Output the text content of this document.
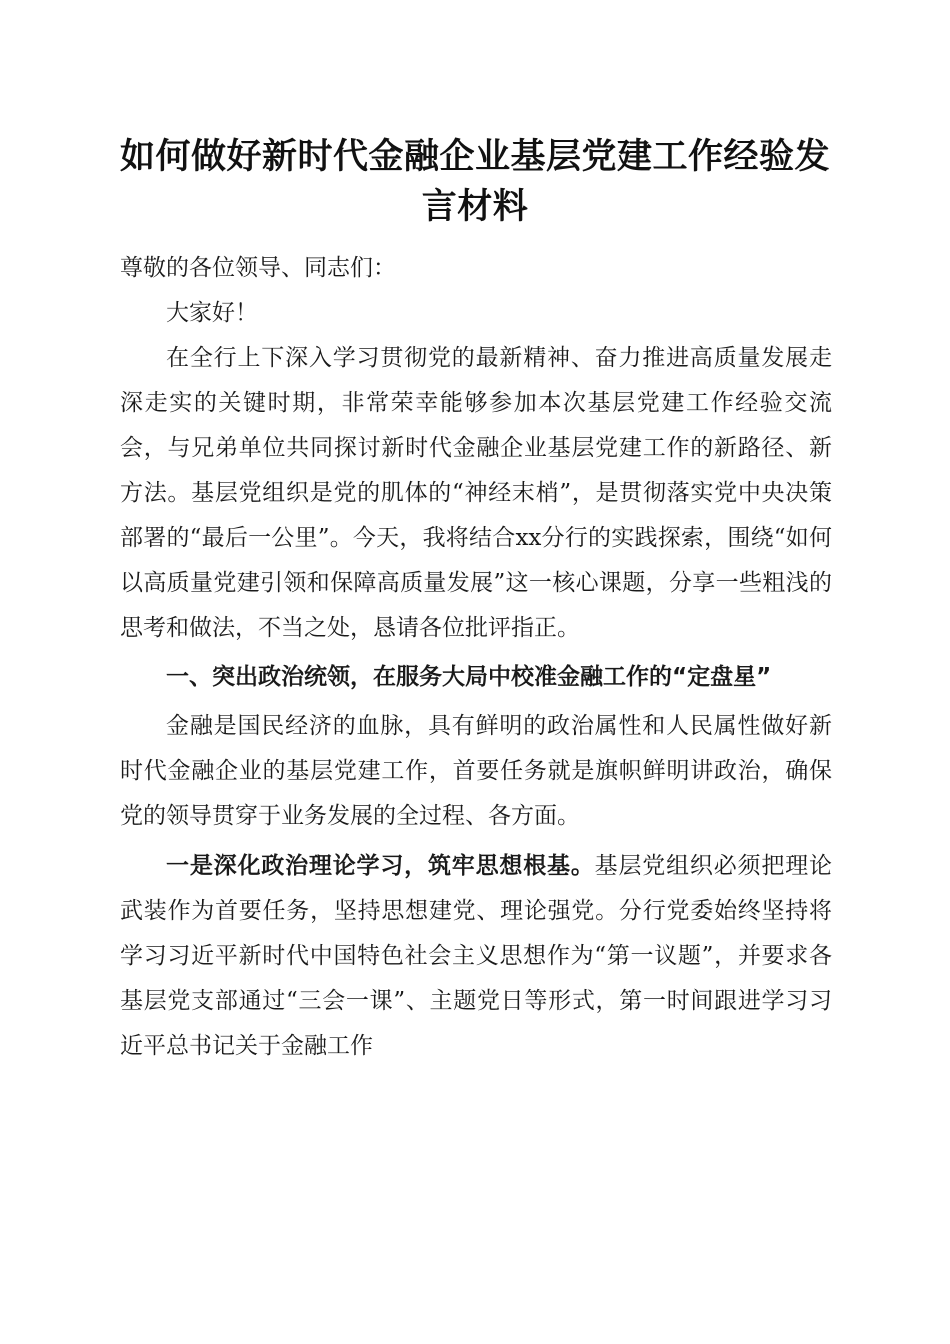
如何做好新时代金融企业基层党建工作经验发言材料

尊敬的各位领导、同志们：

大家好！

在全行上下深入学习贯彻党的最新精神、奋力推进高质量发展走深走实的关键时期，非常荣幸能够参加本次基层党建工作经验交流会，与兄弟单位共同探讨新时代金融企业基层党建工作的新路径、新方法。基层党组织是党的肌体的“神经末梢”，是贯彻落实党中央决策部署的“最后一公里”。今天，我将结合xx分行的实践探索，围绕“如何以高质量党建引领和保障高质量发展”这一核心课题，分享一些粗浅的思考和做法，不当之处，恳请各位批评指正。

一、突出政治统领，在服务大局中校准金融工作的“定盘星”

金融是国民经济的血脉，具有鲜明的政治属性和人民属性做好新时代金融企业的基层党建工作，首要任务就是旗帜鲜明讲政治，确保党的领导贯穿于业务发展的全过程、各方面。

一是深化政治理论学习，筑牢思想根基。基层党组织必须把理论武装作为首要任务，坚持思想建党、理论强党。分行党委始终坚持将学习习近平新时代中国特色社会主义思想作为“第一议题”，并要求各基层党支部通过“三会一课”、主题党日等形式，第一时间跟进学习习近平总书记关于金融工作
